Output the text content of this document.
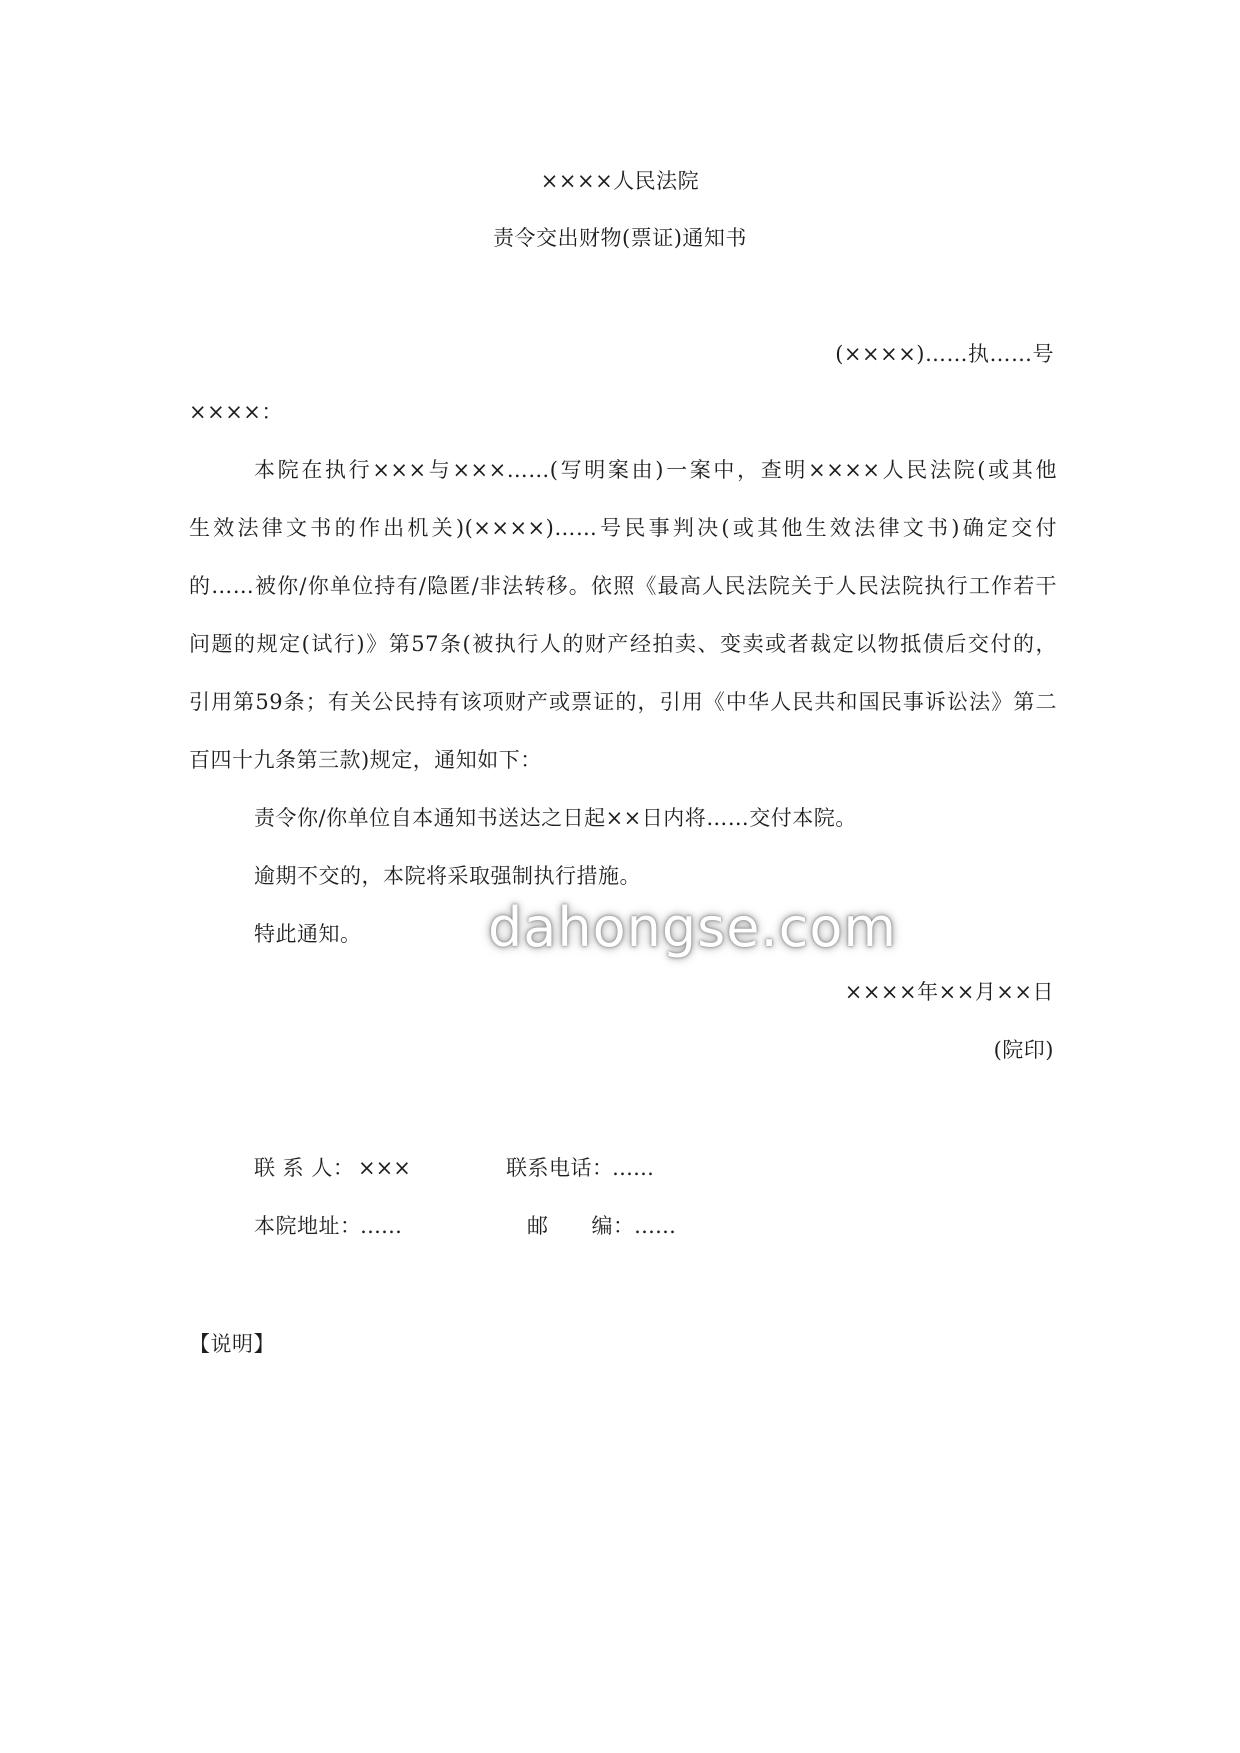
××××人民法院
责令交出财物(票证)通知书
(××××)……执……号
××××：
本院在执行×××与×××……(写明案由)一案中，查明××××人民法院(或其他
生效法律文书的作出机关)(××××)……号民事判决(或其他生效法律文书)确定交付
的……被你/你单位持有/隐匿/非法转移。依照《最高人民法院关于人民法院执行工作若干
问题的规定(试行)》第57条(被执行人的财产经拍卖、变卖或者裁定以物抵债后交付的，
引用第59条；有关公民持有该项财产或票证的，引用《中华人民共和国民事诉讼法》第二
百四十九条第三款)规定，通知如下：
责令你/你单位自本通知书送达之日起××日内将……交付本院。
逾期不交的，本院将采取强制执行措施。
特此通知。
××××年××月××日
(院印)
联 系 人： ×××	联系电话：
……
本院地址：
……	邮　　编： ……
【说明】
dahongse.com
